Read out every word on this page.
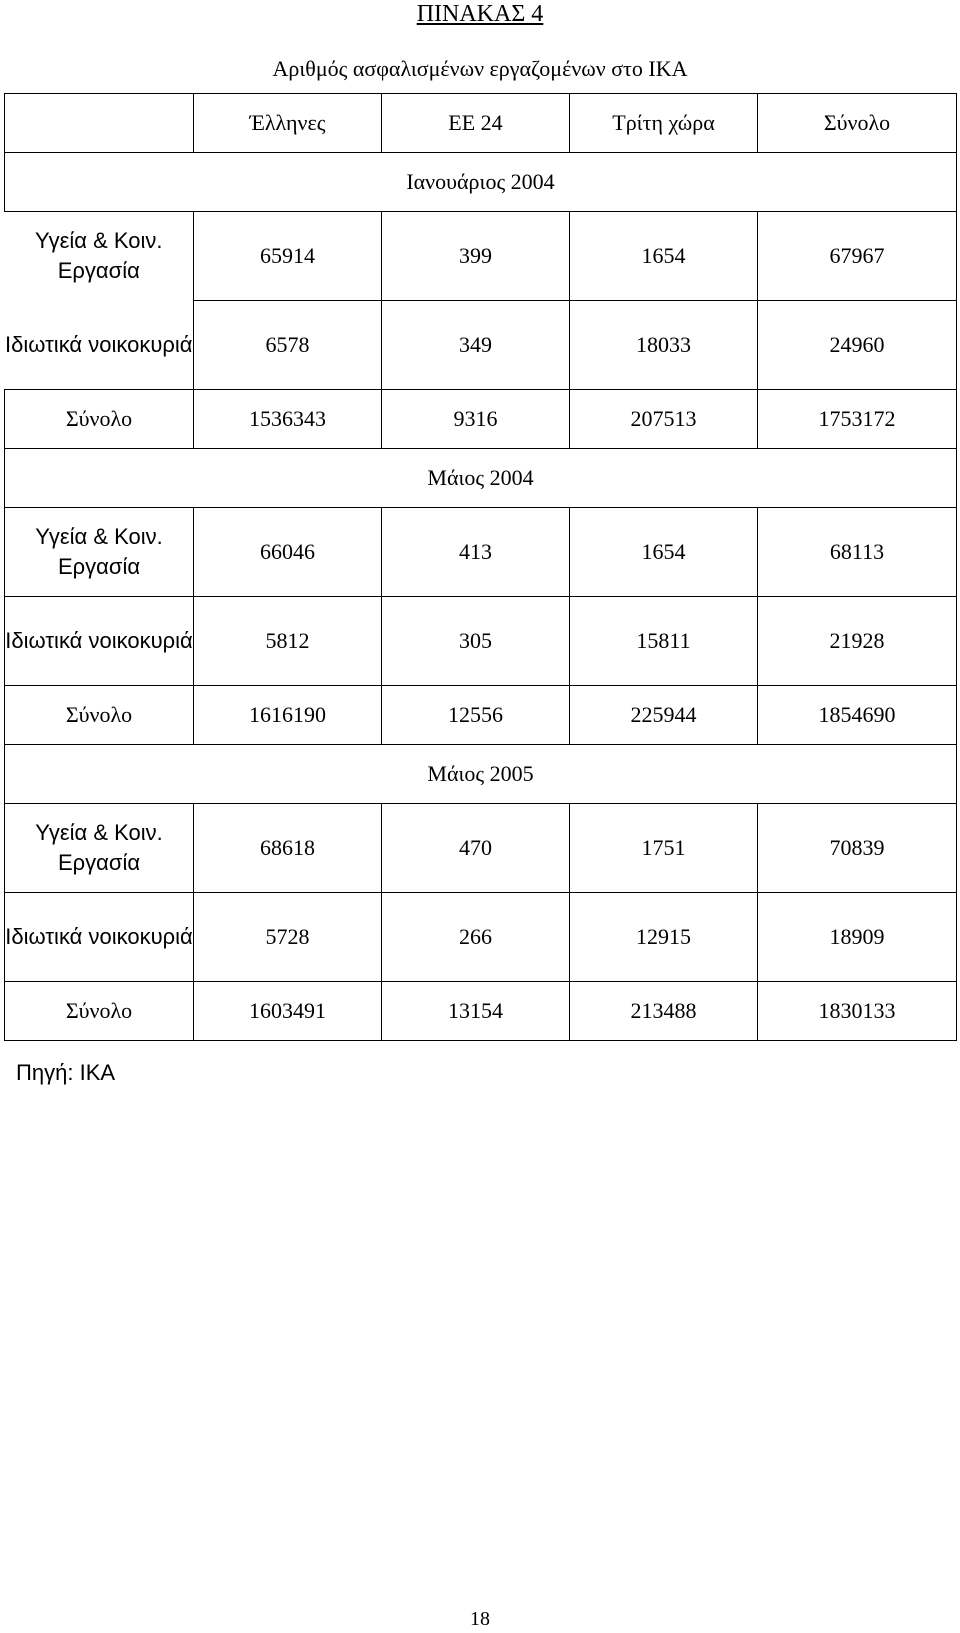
ΠΙΝΑΚΑΣ 4
Αριθμός ασφαλισμένων εργαζομένων στο ΙΚΑ
	Έλληνες	ΕΕ 24	Τρίτη χώρα	Σύνολο
Ιανουάριος 2004				
Υγεία & Κοιν. Εργασία	65914	399	1654	67967
Ιδιωτικά νοικοκυριά	6578	349	18033	24960
Σύνολο	1536343	9316	207513	1753172
Μάιος 2004				
Υγεία & Κοιν. Εργασία	66046	413	1654	68113
Ιδιωτικά νοικοκυριά	5812	305	15811	21928
Σύνολο	1616190	12556	225944	1854690
Μάιος 2005				
Υγεία & Κοιν. Εργασία	68618	470	1751	70839
Ιδιωτικά νοικοκυριά	5728	266	12915	18909
Σύνολο	1603491	13154	213488	1830133
Πηγή: ΙΚΑ
18
